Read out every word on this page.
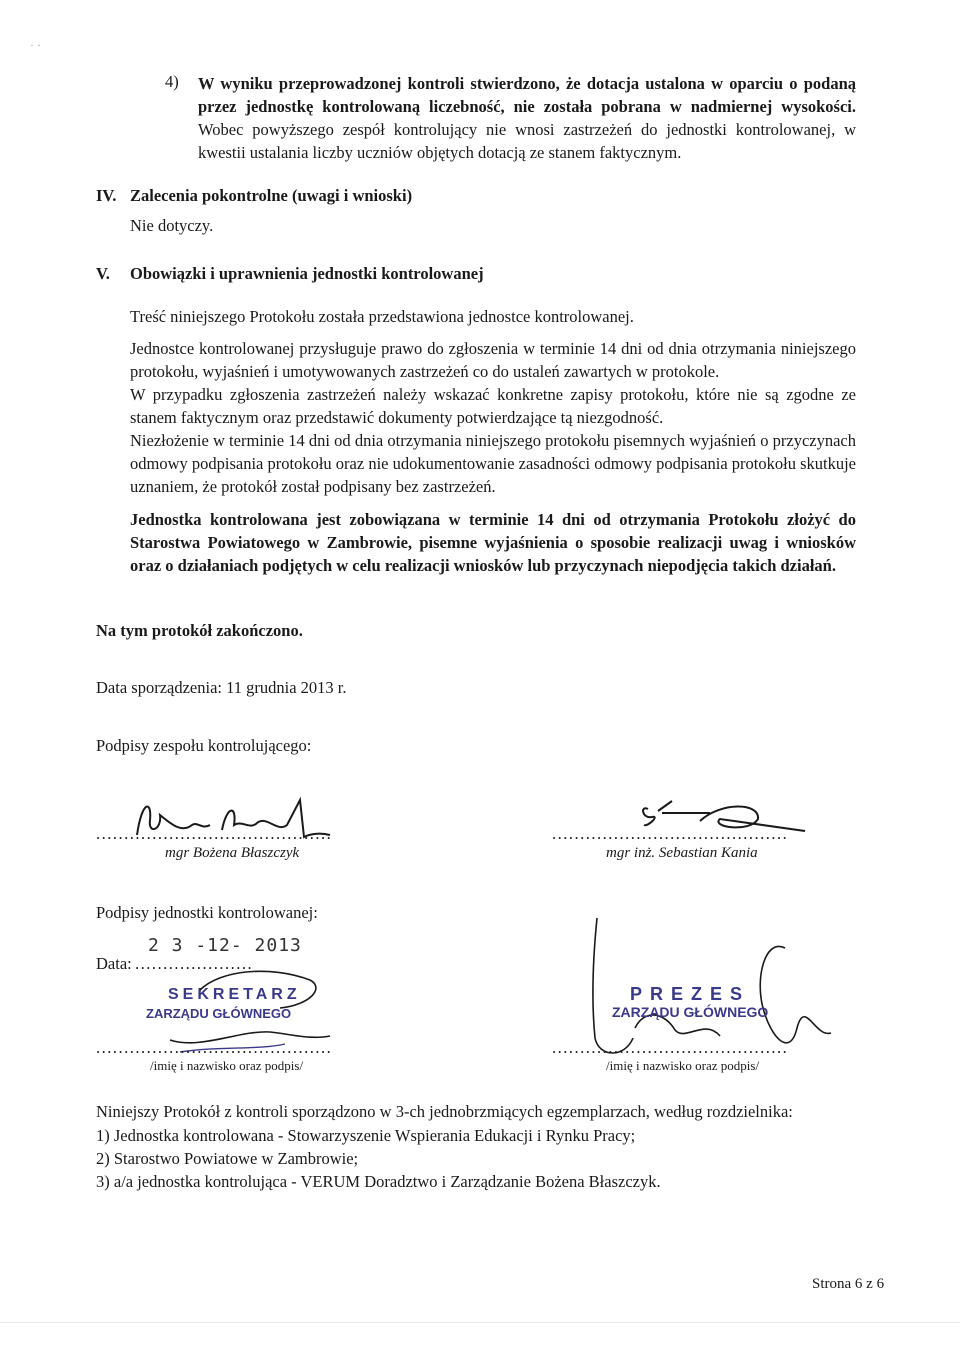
· ·
4) W wyniku przeprowadzonej kontroli stwierdzono, że dotacja ustalona w oparciu o podaną przez jednostkę kontrolowaną liczebność, nie została pobrana w nadmiernej wysokości. Wobec powyższego zespół kontrolujący nie wnosi zastrzeżeń do jednostki kontrolowanej, w kwestii ustalania liczby uczniów objętych dotacją ze stanem faktycznym.
IV. Zalecenia pokontrolne (uwagi i wnioski)
Nie dotyczy.
V. Obowiązki i uprawnienia jednostki kontrolowanej
Treść niniejszego Protokołu została przedstawiona jednostce kontrolowanej.
Jednostce kontrolowanej przysługuje prawo do zgłoszenia w terminie 14 dni od dnia otrzymania niniejszego protokołu, wyjaśnień i umotywowanych zastrzeżeń co do ustaleń zawartych w protokole.
W przypadku zgłoszenia zastrzeżeń należy wskazać konkretne zapisy protokołu, które nie są zgodne ze stanem faktycznym oraz przedstawić dokumenty potwierdzające tą niezgodność.
Niezłożenie w terminie 14 dni od dnia otrzymania niniejszego protokołu pisemnych wyjaśnień o przyczynach odmowy podpisania protokołu oraz nie udokumentowanie zasadności odmowy podpisania protokołu skutkuje uznaniem, że protokół został podpisany bez zastrzeżeń.
Jednostka kontrolowana jest zobowiązana w terminie 14 dni od otrzymania Protokołu złożyć do Starostwa Powiatowego w Zambrowie, pisemne wyjaśnienia o sposobie realizacji uwag i wniosków oraz o działaniach podjętych w celu realizacji wniosków lub przyczynach niepodjęcia takich działań.
Na tym protokół zakończono.
Data sporządzenia: 11 grudnia 2013 r.
Podpisy zespołu kontrolującego:
..........................................
mgr Bożena Błaszczyk
..........................................
mgr inż. Sebastian Kania
Podpisy jednostki kontrolowanej:
2 3 -12- 2013
Data: .....................
SEKRETARZ
ZARZĄDU GŁÓWNEGO
..........................................
/imię i nazwisko oraz podpis/
PREZES
ZARZĄDU GŁÓWNEGO
..........................................
/imię i nazwisko oraz podpis/
Niniejszy Protokół z kontroli sporządzono w 3-ch jednobrzmiących egzemplarzach, według rozdzielnika:
1) Jednostka kontrolowana - Stowarzyszenie Wspierania Edukacji i Rynku Pracy;
2) Starostwo Powiatowe w Zambrowie;
3) a/a jednostka kontrolująca - VERUM Doradztwo i Zarządzanie Bożena Błaszczyk.
Strona 6 z 6
